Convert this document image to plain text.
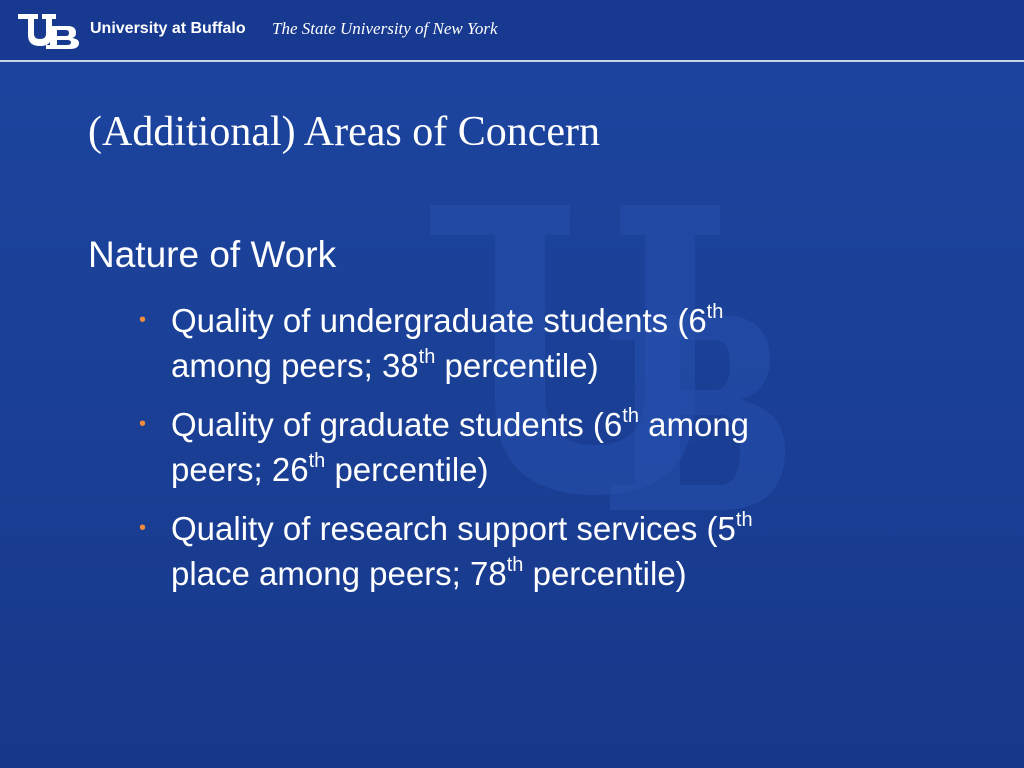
University at Buffalo The State University of New York
(Additional) Areas of Concern
Nature of Work
• Quality of undergraduate students (6th
among peers; 38th percentile)
• Quality of graduate students (6th among
peers; 26th percentile)
• Quality of research support services (5th
place among peers; 78th percentile)
